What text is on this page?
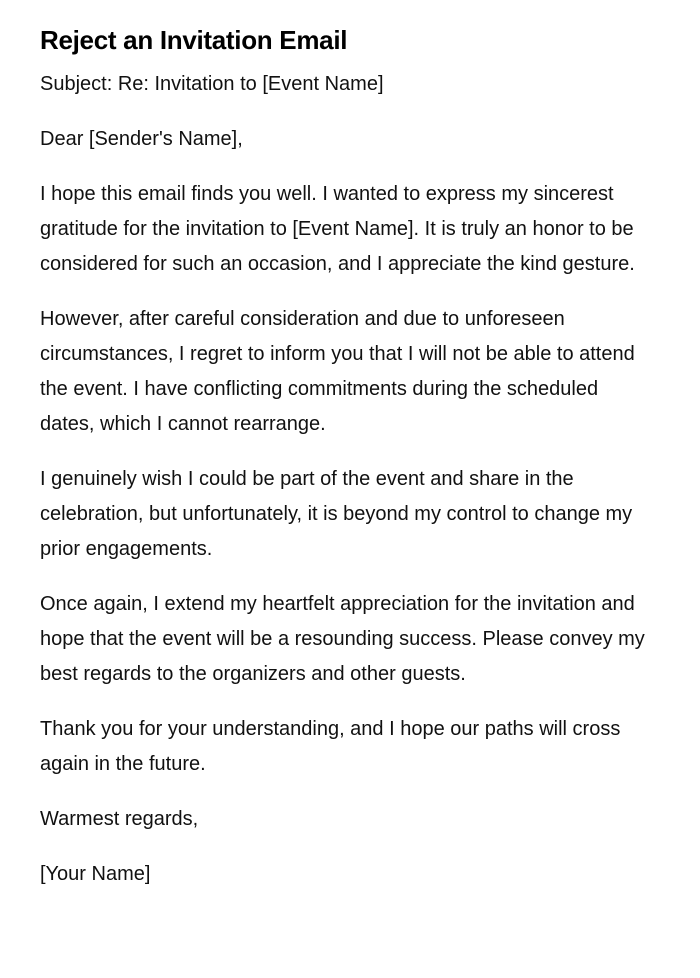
Reject an Invitation Email

Subject: Re: Invitation to [Event Name]

Dear [Sender's Name],

I hope this email finds you well. I wanted to express my sincerest gratitude for the invitation to [Event Name]. It is truly an honor to be considered for such an occasion, and I appreciate the kind gesture.

However, after careful consideration and due to unforeseen circumstances, I regret to inform you that I will not be able to attend the event. I have conflicting commitments during the scheduled dates, which I cannot rearrange.

I genuinely wish I could be part of the event and share in the celebration, but unfortunately, it is beyond my control to change my prior engagements.

Once again, I extend my heartfelt appreciation for the invitation and hope that the event will be a resounding success. Please convey my best regards to the organizers and other guests.

Thank you for your understanding, and I hope our paths will cross again in the future.

Warmest regards,

[Your Name]
